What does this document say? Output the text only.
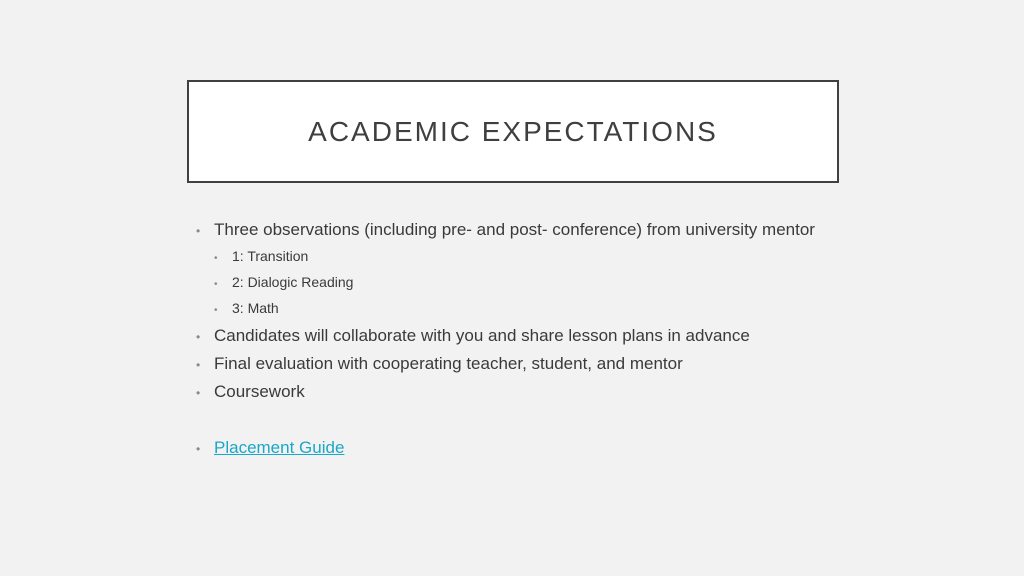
ACADEMIC EXPECTATIONS
• Three observations (including pre- and post- conference) from university mentor
•	1: Transition
•	2: Dialogic Reading
•	3: Math
• Candidates will collaborate with you and share lesson plans in advance
• Final evaluation with cooperating teacher, student, and mentor
• Coursework
• Placement Guide
